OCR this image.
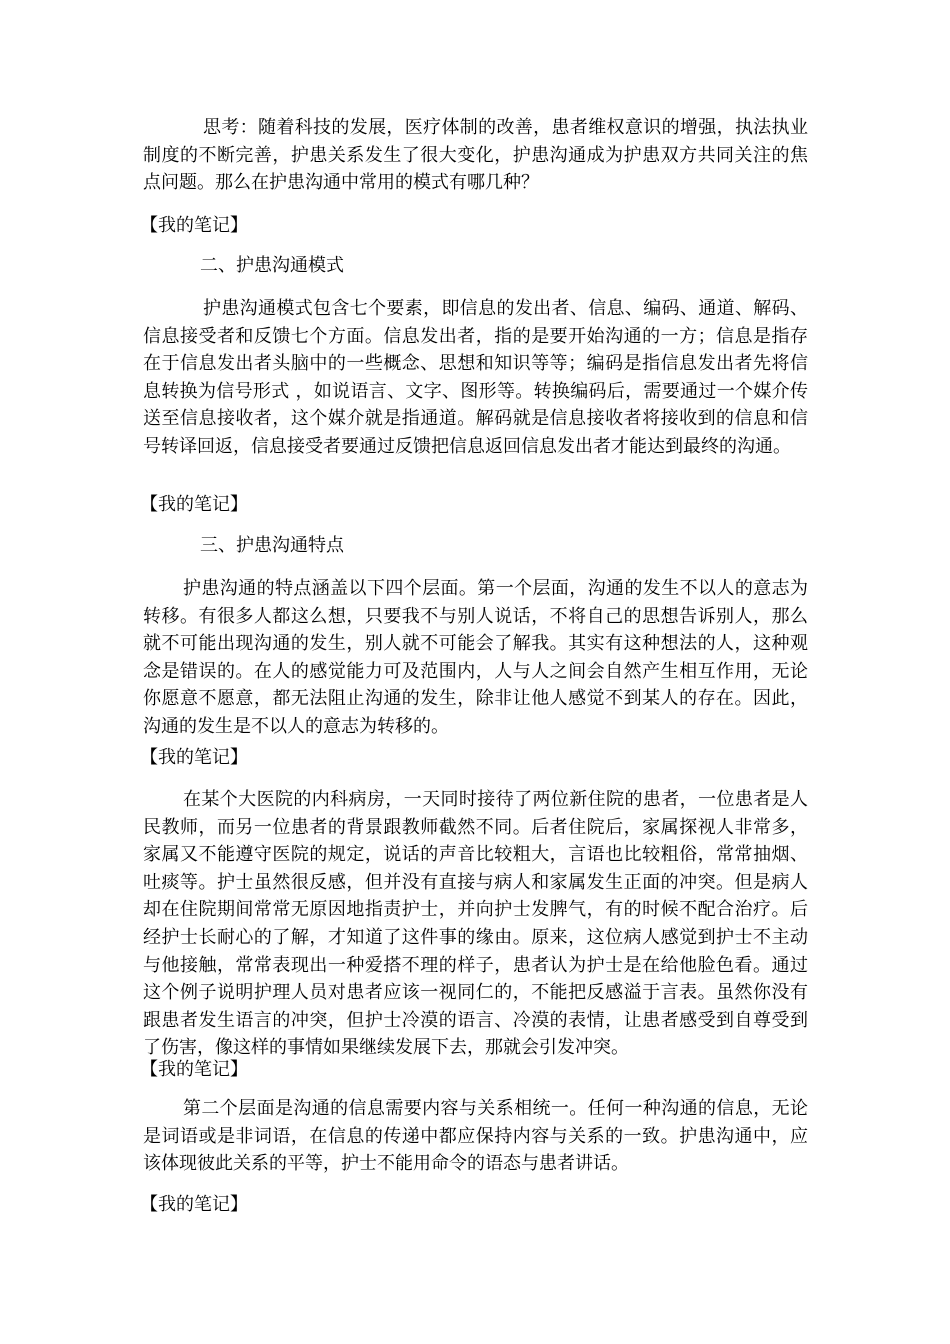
思考：随着科技的发展，医疗体制的改善，患者维权意识的增强，执法执业制度的不断完善，护患关系发生了很大变化，护患沟通成为护患双方共同关注的焦点问题。那么在护患沟通中常用的模式有哪几种？

【我的笔记】

二、护患沟通模式

护患沟通模式包含七个要素，即信息的发出者、信息、编码、通道、解码、信息接受者和反馈七个方面。信息发出者，指的是要开始沟通的一方；信息是指存在于信息发出者头脑中的一些概念、思想和知识等等；编码是指信息发出者先将信息转换为信号形式 ，如说语言、文字、图形等。转换编码后，需要通过一个媒介传送至信息接收者，这个媒介就是指通道。解码就是信息接收者将接收到的信息和信号转译回返，信息接受者要通过反馈把信息返回信息发出者才能达到最终的沟通。

【我的笔记】

三、护患沟通特点

护患沟通的特点涵盖以下四个层面。第一个层面，沟通的发生不以人的意志为转移。有很多人都这么想，只要我不与别人说话，不将自己的思想告诉别人，那么就不可能出现沟通的发生，别人就不可能会了解我。其实有这种想法的人，这种观念是错误的。在人的感觉能力可及范围内，人与人之间会自然产生相互作用，无论你愿意不愿意，都无法阻止沟通的发生，除非让他人感觉不到某人的存在。因此，沟通的发生是不以人的意志为转移的。

【我的笔记】

在某个大医院的内科病房，一天同时接待了两位新住院的患者，一位患者是人民教师，而另一位患者的背景跟教师截然不同。后者住院后，家属探视人非常多，家属又不能遵守医院的规定，说话的声音比较粗大，言语也比较粗俗，常常抽烟、吐痰等。护士虽然很反感，但并没有直接与病人和家属发生正面的冲突。但是病人却在住院期间常常无原因地指责护士，并向护士发脾气，有的时候不配合治疗。后经护士长耐心的了解，才知道了这件事的缘由。原来，这位病人感觉到护士不主动与他接触，常常表现出一种爱搭不理的样子，患者认为护士是在给他脸色看。通过这个例子说明护理人员对患者应该一视同仁的，不能把反感溢于言表。虽然你没有跟患者发生语言的冲突，但护士冷漠的语言、冷漠的表情，让患者感受到自尊受到了伤害，像这样的事情如果继续发展下去，那就会引发冲突。

【我的笔记】

第二个层面是沟通的信息需要内容与关系相统一。任何一种沟通的信息，无论是词语或是非词语，在信息的传递中都应保持内容与关系的一致。护患沟通中，应该体现彼此关系的平等，护士不能用命令的语态与患者讲话。

【我的笔记】
